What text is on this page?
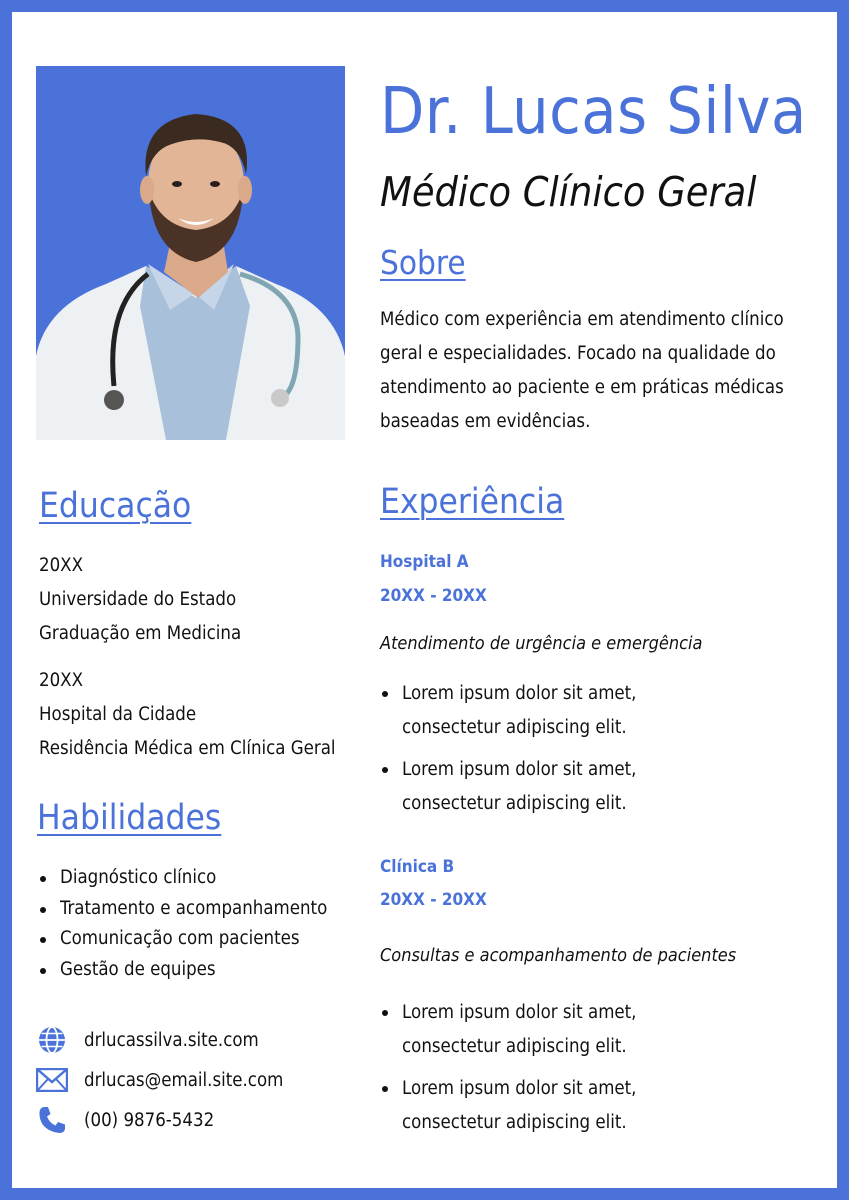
Dr. Lucas Silva
Médico Clínico Geral
Sobre
Médico com experiência em atendimento clínico
geral e especialidades. Focado na qualidade do
atendimento ao paciente e em práticas médicas
baseadas em evidências.
Educação
20XX
Universidade do Estado
Graduação em Medicina
20XX
Hospital da Cidade
Residência Médica em Clínica Geral
Habilidades
Diagnóstico clínico
Tratamento e acompanhamento
Comunicação com pacientes
Gestão de equipes
drlucassilva.site.com
drlucas@email.site.com
(00) 9876-5432
Experiência
Hospital A
20XX - 20XX
Atendimento de urgência e emergência
Lorem ipsum dolor sit amet,
consectetur adipiscing elit.
Lorem ipsum dolor sit amet,
consectetur adipiscing elit.
Clínica B
20XX - 20XX
Consultas e acompanhamento de pacientes
Lorem ipsum dolor sit amet,
consectetur adipiscing elit.
Lorem ipsum dolor sit amet,
consectetur adipiscing elit.
